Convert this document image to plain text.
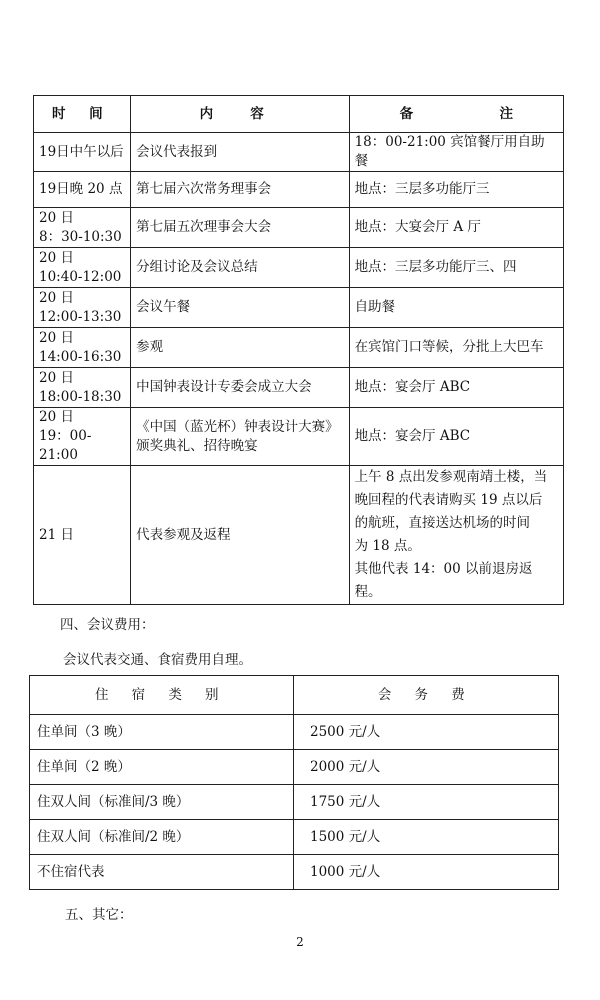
时 间	内 容	备 注

19日中午以后	会议代表报到	18：00-21:00 宾馆餐厅用自助餐
19日晚 20 点	第七届六次常务理事会	地点：三层多功能厅三

20 日
8：30-10:30	第七届五次理事会大会	地点：大宴会厅 A 厅

20 日
10:40-12:00	分组讨论及会议总结	地点：三层多功能厅三、四

20 日
12:00-13:30	会议午餐	自助餐

20 日
14:00-16:30	参观	在宾馆门口等候，分批上大巴车

20 日
18:00-18:30	中国钟表设计专委会成立大会	地点：宴会厅 ABC

20 日
19：00-21:00	《中国（蓝光杯）钟表设计大赛》
颁奖典礼、招待晚宴	地点：宴会厅 ABC
21 日	代表参观及返程	上午 8 点出发参观南靖土楼，当
晚回程的代表请购买 19 点以后
的航班，直接送达机场的时间
为 18 点。
其他代表 14：00 以前退房返程。
四、会议费用：
会议代表交通、食宿费用自理。
住 宿 类 别	会 务 费
住单间（3 晚）	2500 元/人
住单间（2 晚）	2000 元/人
住双人间（标准间/3 晚）	1750 元/人
住双人间（标准间/2 晚）	1500 元/人
不住宿代表	1000 元/人
五、其它：
2
